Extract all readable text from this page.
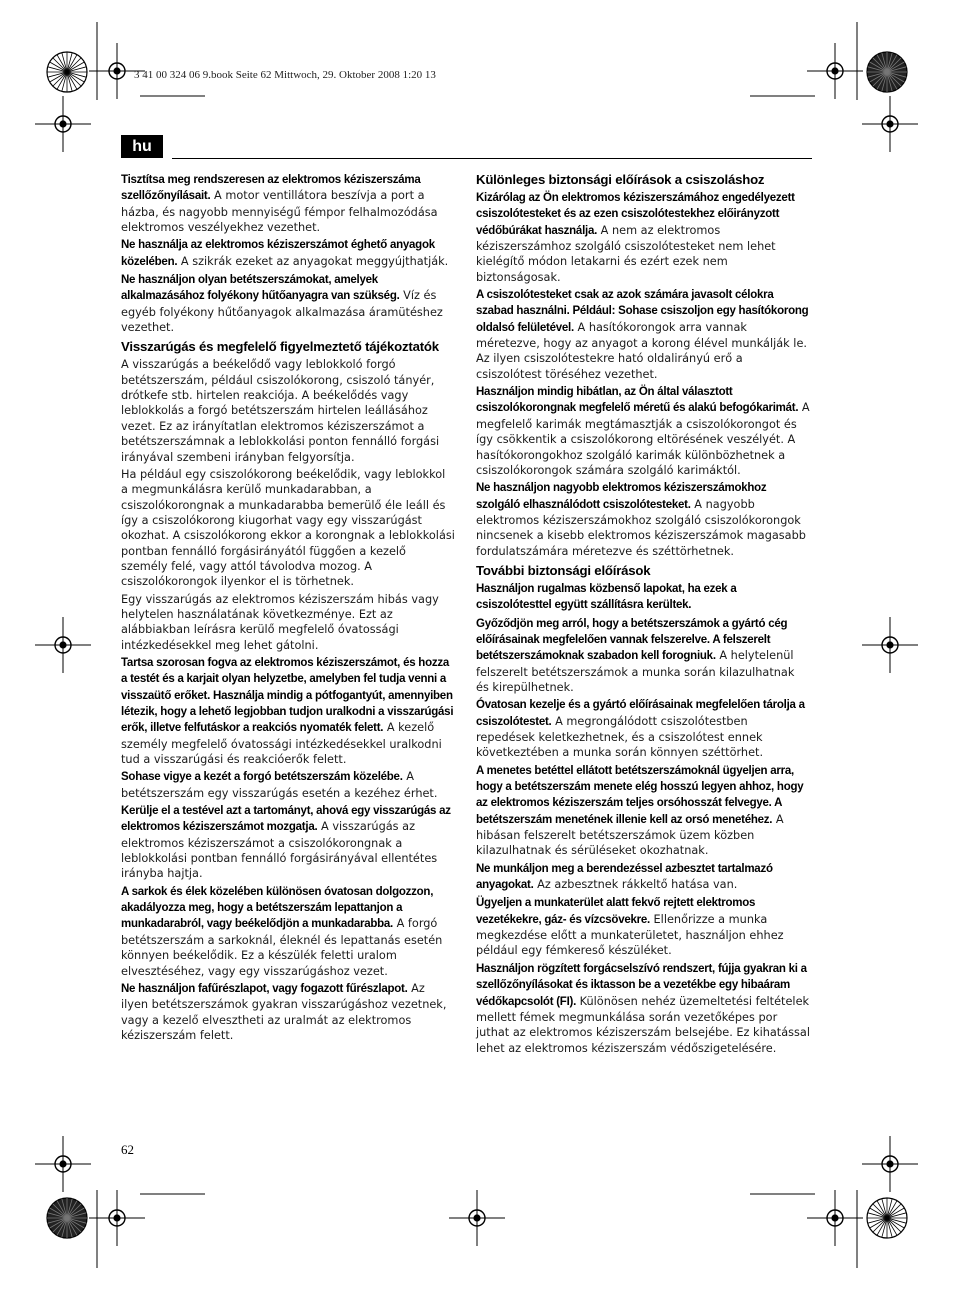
3 41 00 324 06 9.book Seite 62 Mittwoch, 29. Oktober 2008 1:20 13
hu

Tisztítsa meg rendszeresen az elektromos kéziszerszáma szellőzőnyílásait. A motor ventillátora beszívja a port a házba, és nagyobb mennyiségű fémpor felhalmozódása elektromos veszélyekhez vezethet.

Ne használja az elektromos kéziszerszámot éghető anyagok közelében. A szikrák ezeket az anyagokat meggyújthatják.

Ne használjon olyan betétszerszámokat, amelyek alkalmazásához folyékony hűtőanyagra van szükség. Víz és egyéb folyékony hűtőanyagok alkalmazása áramütéshez vezethet.

Visszarúgás és megfelelő figyelmeztető tájékoztatók

A visszarúgás a beékelődő vagy leblokkoló forgó betétszerszám, például csiszolókorong, csiszoló tányér, drótkefe stb. hirtelen reakciója. A beékelődés vagy leblokkolás a forgó betétszerszám hirtelen leállásához vezet. Ez az irányítatlan elektromos kéziszerszámot a betétszerszámnak a leblokkolási ponton fennálló forgási irányával szembeni irányban felgyorsítja.

Ha például egy csiszolókorong beékelődik, vagy leblokkol a megmunkálásra kerülő munkadarabban, a csiszolókorongnak a munkadarabba bemerülő éle leáll és így a csiszolókorong kiugorhat vagy egy visszarúgást okozhat. A csiszolókorong ekkor a korongnak a leblokkolási pontban fennálló forgásirányától függően a kezelő személy felé, vagy attól távolodva mozog. A csiszolókorongok ilyenkor el is törhetnek.

Egy visszarúgás az elektromos kéziszerszám hibás vagy helytelen használatának következménye. Ezt az alábbiakban leírásra kerülő megfelelő óvatossági intézkedésekkel meg lehet gátolni.

Tartsa szorosan fogva az elektromos kéziszerszámot, és hozza a testét és a karjait olyan helyzetbe, amelyben fel tudja venni a visszaütő erőket. Használja mindig a pótfogantyút, amennyiben létezik, hogy a lehető legjobban tudjon uralkodni a visszarúgási erők, illetve felfutáskor a reakciós nyomaték felett. A kezelő személy megfelelő óvatossági intézkedésekkel uralkodni tud a visszarúgási és reakcióerők felett.

Sohase vigye a kezét a forgó betétszerszám közelébe. A betétszerszám egy visszarúgás esetén a kezéhez érhet.

Kerülje el a testével azt a tartományt, ahová egy visszarúgás az elektromos kéziszerszámot mozgatja. A visszarúgás az elektromos kéziszerszámot a csiszolókorongnak a leblokkolási pontban fennálló forgásirányával ellentétes irányba hajtja.

A sarkok és élek közelében különösen óvatosan dolgozzon, akadályozza meg, hogy a betétszerszám lepattanjon a munkadarabról, vagy beékelődjön a munkadarabba. A forgó betétszerszám a sarkoknál, éleknél és lepattanás esetén könnyen beékelődik. Ez a készülék feletti uralom elvesztéséhez, vagy egy visszarúgáshoz vezet.

Ne használjon fafűrészlapot, vagy fogazott fűrészlapot. Az ilyen betétszerszámok gyakran visszarúgáshoz vezetnek, vagy a kezelő elvesztheti az uralmát az elektromos kéziszerszám felett.

Különleges biztonsági előírások a csiszoláshoz

Kizárólag az Ön elektromos kéziszerszámához engedélyezett csiszolótesteket és az ezen csiszolótestekhez előirányzott védőbúrákat használja. A nem az elektromos kéziszerszámhoz szolgáló csiszolótesteket nem lehet kielégítő módon letakarni és ezért ezek nem biztonságosak.

A csiszolótesteket csak az azok számára javasolt célokra szabad használni. Például: Sohase csiszoljon egy hasítókorong oldalsó felületével. A hasítókorongok arra vannak méretezve, hogy az anyagot a korong élével munkálják le. Az ilyen csiszolótestekre ható oldalirányú erő a csiszolótest töréséhez vezethet.

Használjon mindig hibátlan, az Ön által választott csiszolókorongnak megfelelő méretű és alakú befogókarimát. A megfelelő karimák megtámasztják a csiszolókorongot és így csökkentik a csiszolókorong eltörésének veszélyét. A hasítókorongokhoz szolgáló karimák különbözhetnek a csiszolókorongok számára szolgáló karimáktól.

Ne használjon nagyobb elektromos kéziszerszámokhoz szolgáló elhasználódott csiszolótesteket. A nagyobb elektromos kéziszerszámokhoz szolgáló csiszolókorongok nincsenek a kisebb elektromos kéziszerszámok magasabb fordulatszámára méretezve és széttörhetnek.

További biztonsági előírások

Használjon rugalmas közbenső lapokat, ha ezek a csiszolótesttel együtt szállításra kerültek.

Győződjön meg arról, hogy a betétszerszámok a gyártó cég előírásainak megfelelően vannak felszerelve. A felszerelt betétszerszámoknak szabadon kell forogniuk. A helytelenül felszerelt betétszerszámok a munka során kilazulhatnak és kirepülhetnek.

Óvatosan kezelje és a gyártó előírásainak megfelelően tárolja a csiszolótestet. A megrongálódott csiszolótestben repedések keletkezhetnek, és a csiszolótest ennek következtében a munka során könnyen széttörhet.

A menetes betéttel ellátott betétszerszámoknál ügyeljen arra, hogy a betétszerszám menete elég hosszú legyen ahhoz, hogy az elektromos kéziszerszám teljes orsóhosszát felvegye. A betétszerszám menetének illenie kell az orsó menetéhez. A hibásan felszerelt betétszerszámok üzem közben kilazulhatnak és sérüléseket okozhatnak.

Ne munkáljon meg a berendezéssel azbesztet tartalmazó anyagokat. Az azbesztnek rákkeltő hatása van.

Ügyeljen a munkaterület alatt fekvő rejtett elektromos vezetékekre, gáz- és vízcsövekre. Ellenőrizze a munka megkezdése előtt a munkaterületet, használjon ehhez például egy fémkereső készüléket.

Használjon rögzített forgácselszívó rendszert, fújja gyakran ki a szellőzőnyílásokat és iktasson be a vezetékbe egy hibaáram védőkapcsolót (FI). Különösen nehéz üzemeltetési feltételek mellett fémek megmunkálása során vezetőképes por juthat az elektromos kéziszerszám belsejébe. Ez kihatással lehet az elektromos kéziszerszám védőszigetelésére.

62
